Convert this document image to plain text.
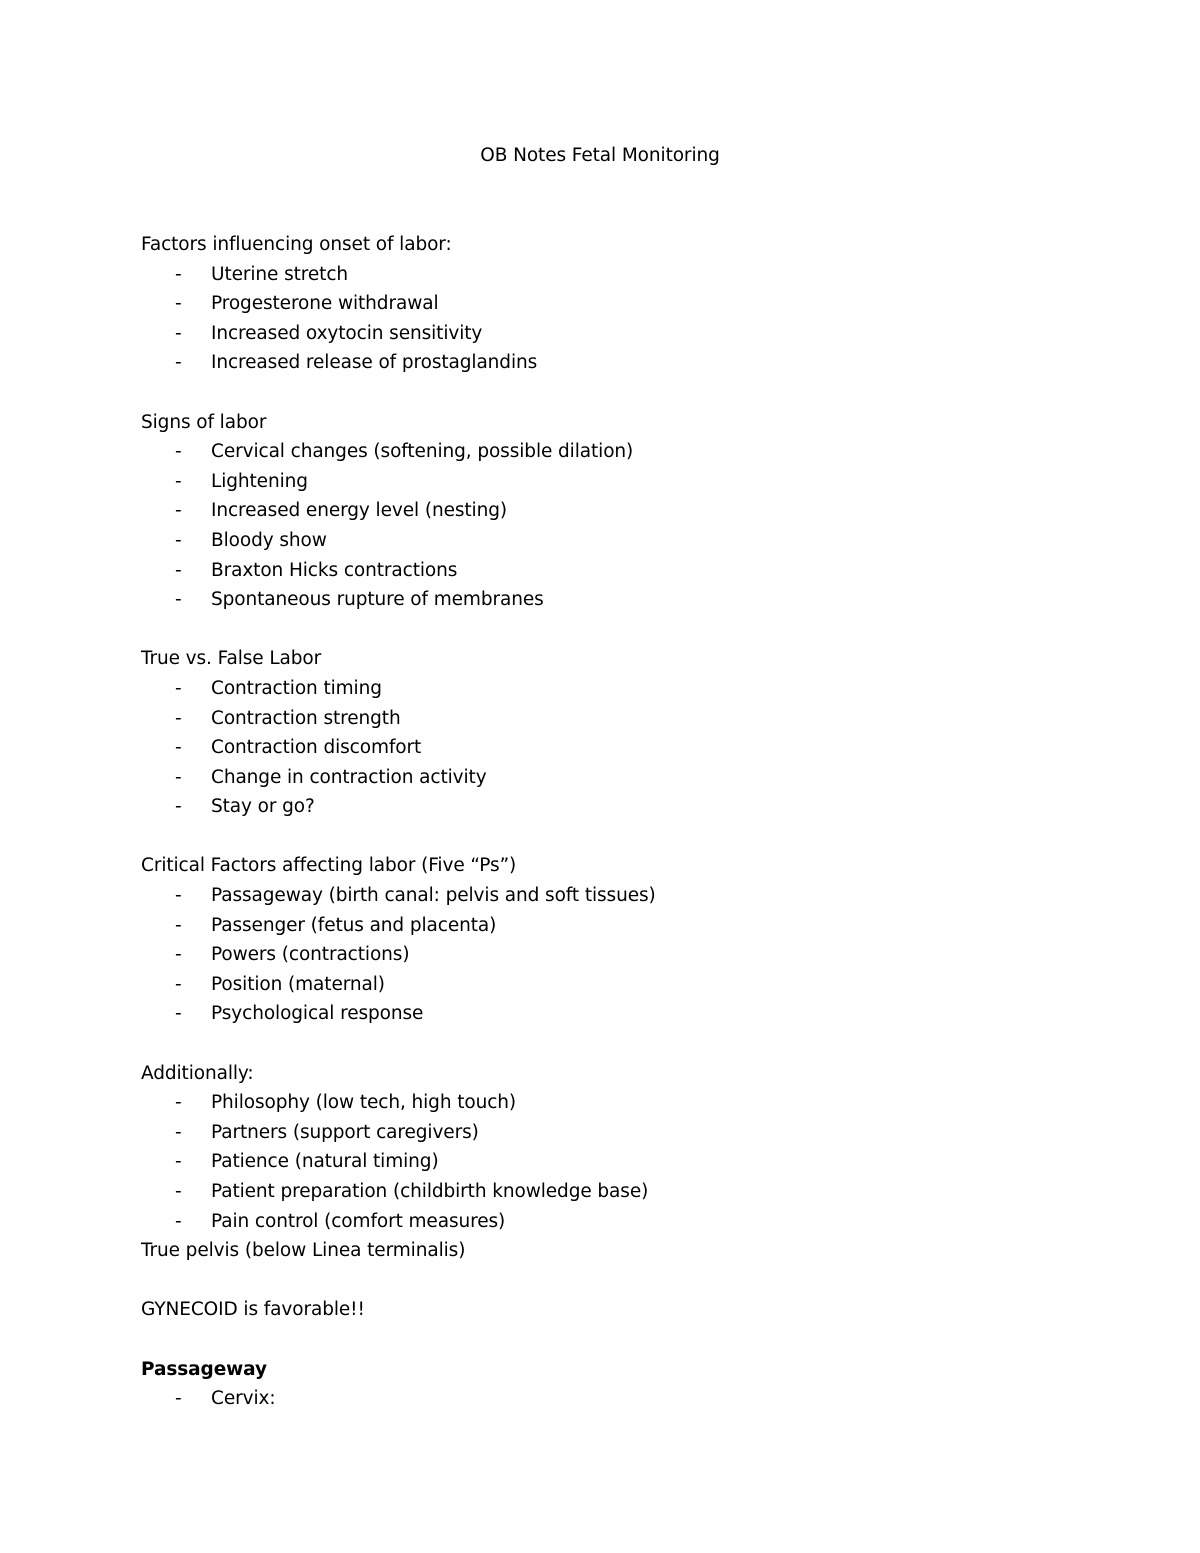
OB Notes Fetal Monitoring
Factors influencing onset of labor:
- Uterine stretch
- Progesterone withdrawal
- Increased oxytocin sensitivity
- Increased release of prostaglandins
Signs of labor
- Cervical changes (softening, possible dilation)
- Lightening
- Increased energy level (nesting)
- Bloody show
- Braxton Hicks contractions
- Spontaneous rupture of membranes
True vs. False Labor
- Contraction timing
- Contraction strength
- Contraction discomfort
- Change in contraction activity
- Stay or go?
Critical Factors affecting labor (Five “Ps”)
- Passageway (birth canal: pelvis and soft tissues)
- Passenger (fetus and placenta)
- Powers (contractions)
- Position (maternal)
- Psychological response
Additionally:
- Philosophy (low tech, high touch)
- Partners (support caregivers)
- Patience (natural timing)
- Patient preparation (childbirth knowledge base)
- Pain control (comfort measures)
True pelvis (below Linea terminalis)
GYNECOID is favorable!!
Passageway
- Cervix:
